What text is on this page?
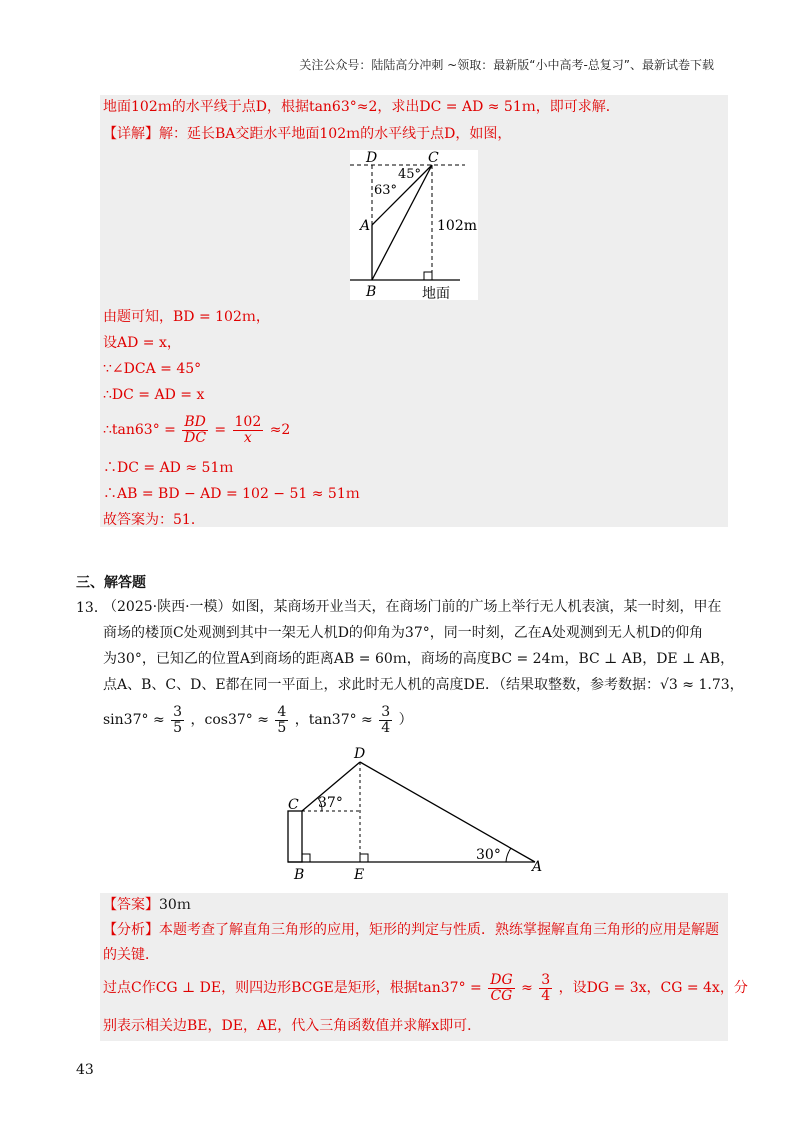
关注公众号：陆陆高分冲刺 ~领取：最新版“小中高考-总复习”、最新试卷下载
地面102ｍ的水平线于点D，根据tan63°≈2，求出DC = AD ≈ 51ｍ，即可求解．
【详解】解：延长BA交距水平地面102ｍ的水平线于点D，如图，
D	C
A
B
45°
63°
102m
地面
由题可知，BD = 102ｍ，
设AD = x，
∵∠DCA = 45°
∴DC = AD = x
∴tan63° = $\frac{BD}{DC} = \frac{102}{x} \approx 2$
∴DC = AD ≈ 51ｍ
∴AB = BD − AD = 102 − 51 ≈ 51ｍ
故答案为：51．
三、解答题
13．
（2025·陕西·一模）如图，某商场开业当天，在商场门前的广场上举行无人机表演，某一时刻，甲在
商场的楼顶C处观测到其中一架无人机D的仰角为37°，同一时刻，乙在A处观测到无人机D的仰角
为30°，已知乙的位置A到商场的距离AB = 60ｍ，商场的高度BC = 24ｍ，BC ⊥ AB，DE ⊥ AB，
点A、B、C、D、E都在同一平面上，求此时无人机的高度DE．（结果取整数，参考数据：√3 ≈ 1.73，
$\sin 37^\circ \approx \frac{3}{5}$ ，$\cos 37^\circ \approx \frac{4}{5}$ ，$\tan 37^\circ \approx \frac{3}{4}$ ）
D
C
B	E	A
37°
30°
【答案】30ｍ
【分析】本题考查了解直角三角形的应用，矩形的判定与性质．熟练掌握解直角三角形的应用是解题
的关键．
过点C作CG ⊥ DE，则四边形BCGE是矩形，根据$\tan 37^\circ = \frac{DG}{CG} \approx \frac{3}{4}$ ，设DG = 3x，CG = 4x，分
别表示相关边BE，DE，AE，代入三角函数值并求解x即可．
43
